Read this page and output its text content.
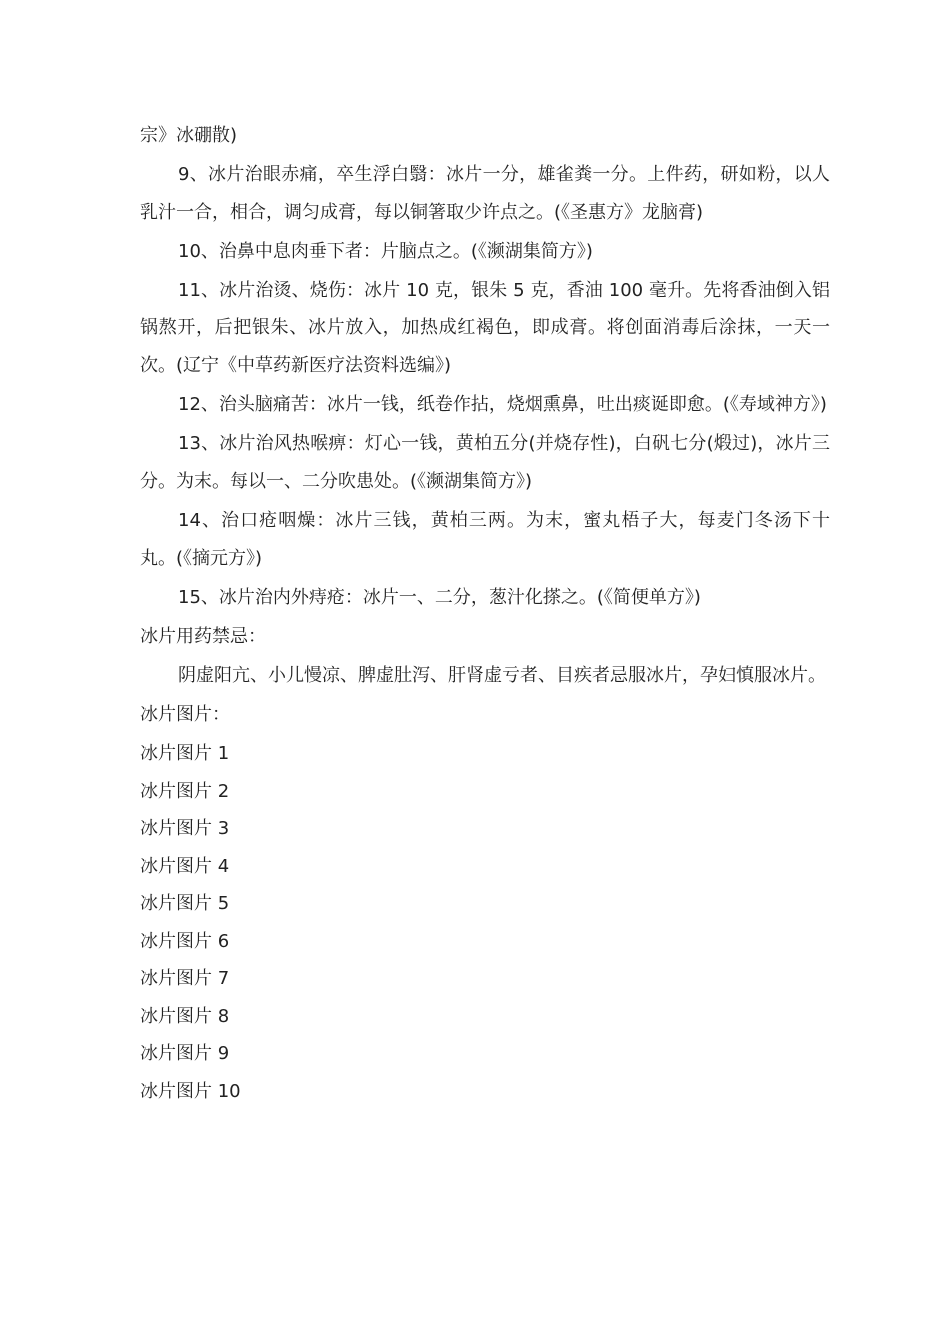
宗》冰硼散)

9、冰片治眼赤痛，卒生浮白翳：冰片一分，雄雀粪一分。上件药，研如粉，以人乳汁一合，相合，调匀成膏，每以铜箸取少许点之。(《圣惠方》龙脑膏)

10、治鼻中息肉垂下者：片脑点之。(《濒湖集简方》)

11、冰片治烫、烧伤：冰片 10 克，银朱 5 克，香油 100 毫升。先将香油倒入铝锅熬开，后把银朱、冰片放入，加热成红褐色，即成膏。将创面消毒后涂抹，一天一次。(辽宁《中草药新医疗法资料选编》)

12、治头脑痛苦：冰片一钱，纸卷作拈，烧烟熏鼻，吐出痰诞即愈。(《寿域神方》)

13、冰片治风热喉痹：灯心一钱，黄柏五分(并烧存性)，白矾七分(煅过)，冰片三分。为末。每以一、二分吹患处。(《濒湖集简方》)

14、治口疮咽燥：冰片三钱，黄柏三两。为末，蜜丸梧子大，每麦门冬汤下十丸。(《摘元方》)

15、冰片治内外痔疮：冰片一、二分，葱汁化搽之。(《简便单方》)

冰片用药禁忌：

阴虚阳亢、小儿慢凉、脾虚肚泻、肝肾虚亏者、目疾者忌服冰片，孕妇慎服冰片。

冰片图片：

冰片图片 1

冰片图片 2

冰片图片 3

冰片图片 4

冰片图片 5

冰片图片 6

冰片图片 7

冰片图片 8

冰片图片 9

冰片图片 10
